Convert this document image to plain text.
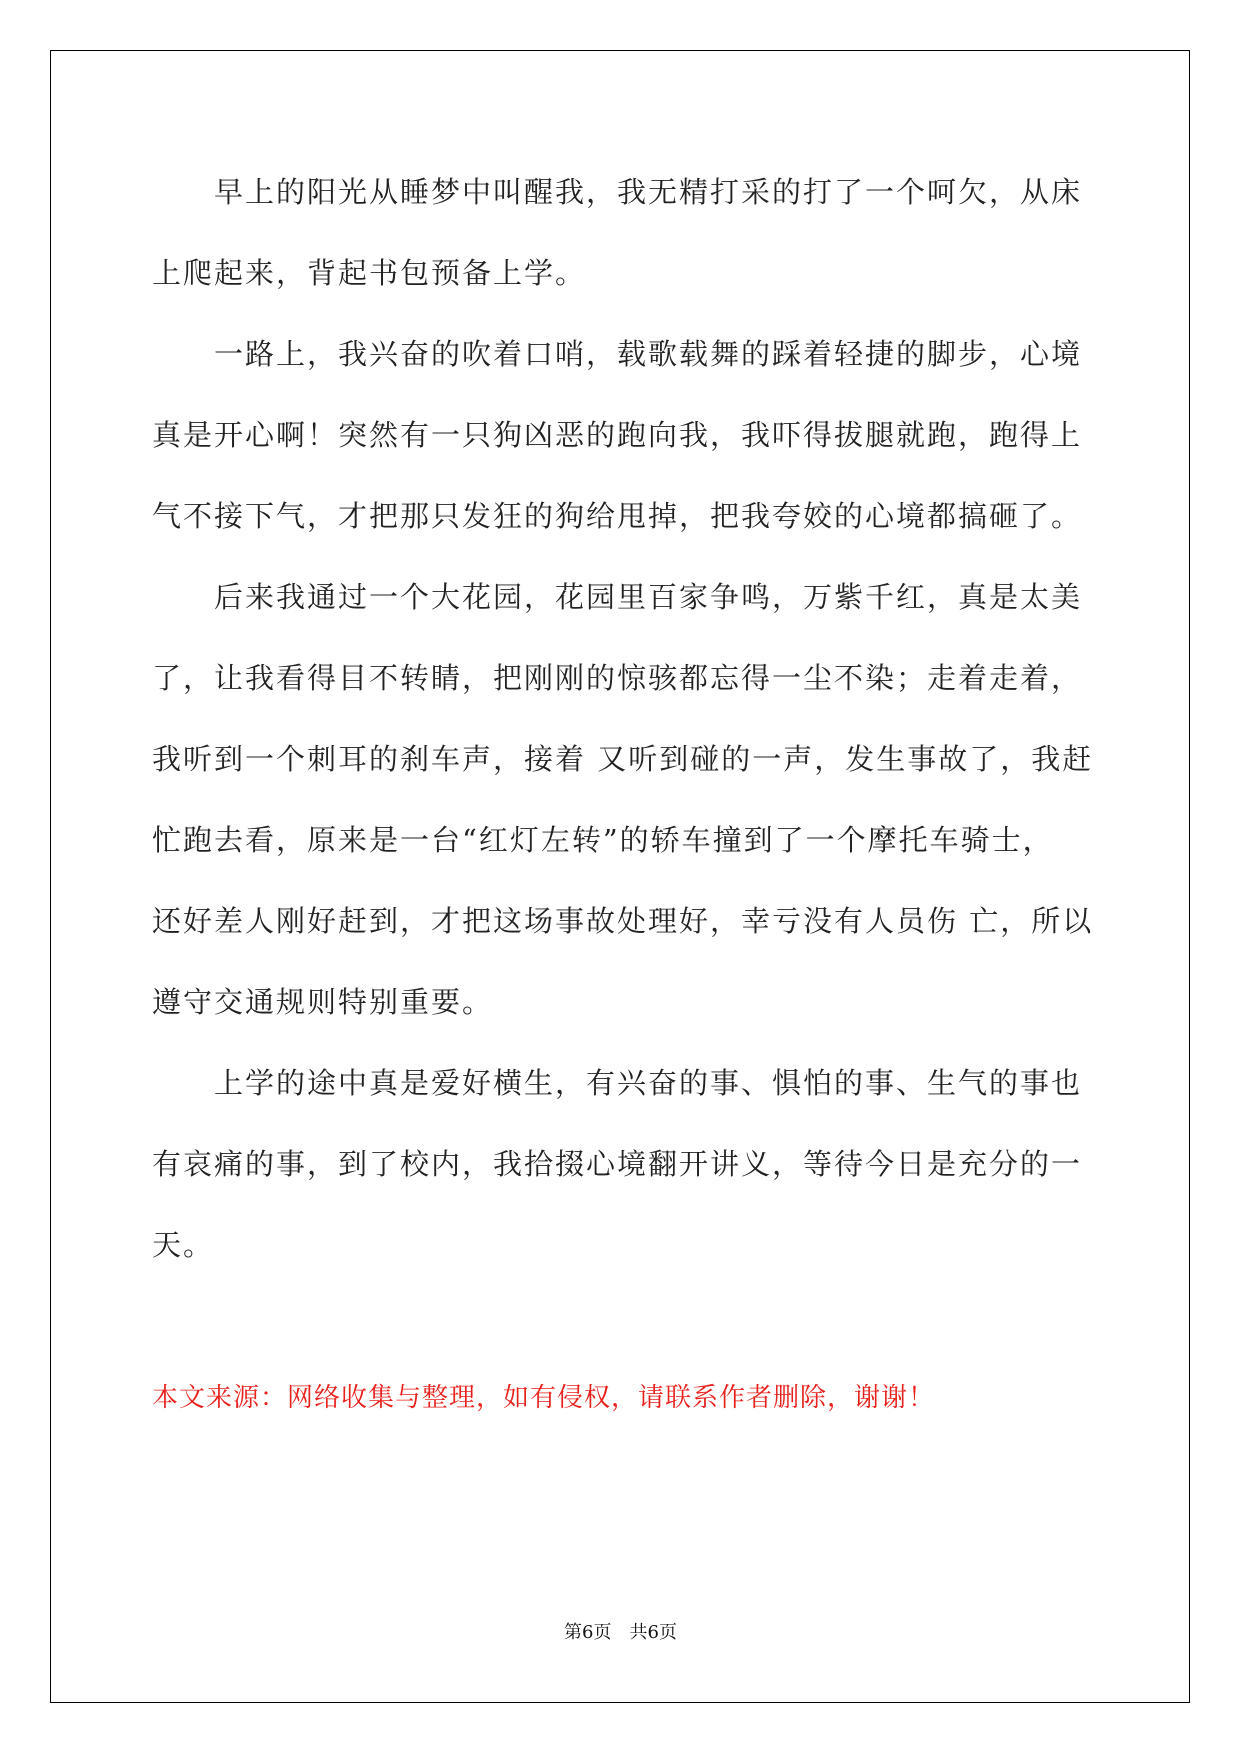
早上的阳光从睡梦中叫醒我，我无精打采的打了一个呵欠，从床
上爬起来，背起书包预备上学。
一路上，我兴奋的吹着口哨，载歌载舞的踩着轻捷的脚步，心境
真是开心啊！突然有一只狗凶恶的跑向我，我吓得拔腿就跑，跑得上
气不接下气，才把那只发狂的狗给甩掉，把我夸姣的心境都搞砸了。
后来我通过一个大花园，花园里百家争鸣，万紫千红，真是太美
了，让我看得目不转睛，把刚刚的惊骇都忘得一尘不染；走着走着，
我听到一个刺耳的刹车声，接着 又听到碰的一声，发生事故了，我赶
忙跑去看，原来是一台“红灯左转”的轿车撞到了一个摩托车骑士，
还好差人刚好赶到，才把这场事故处理好，幸亏没有人员伤 亡，所以
遵守交通规则特别重要。
上学的途中真是爱好横生，有兴奋的事、惧怕的事、生气的事也
有哀痛的事，到了校内，我拾掇心境翻开讲义，等待今日是充分的一
天。
本文来源：网络收集与整理，如有侵权，请联系作者删除，谢谢！
第6页　共6页
